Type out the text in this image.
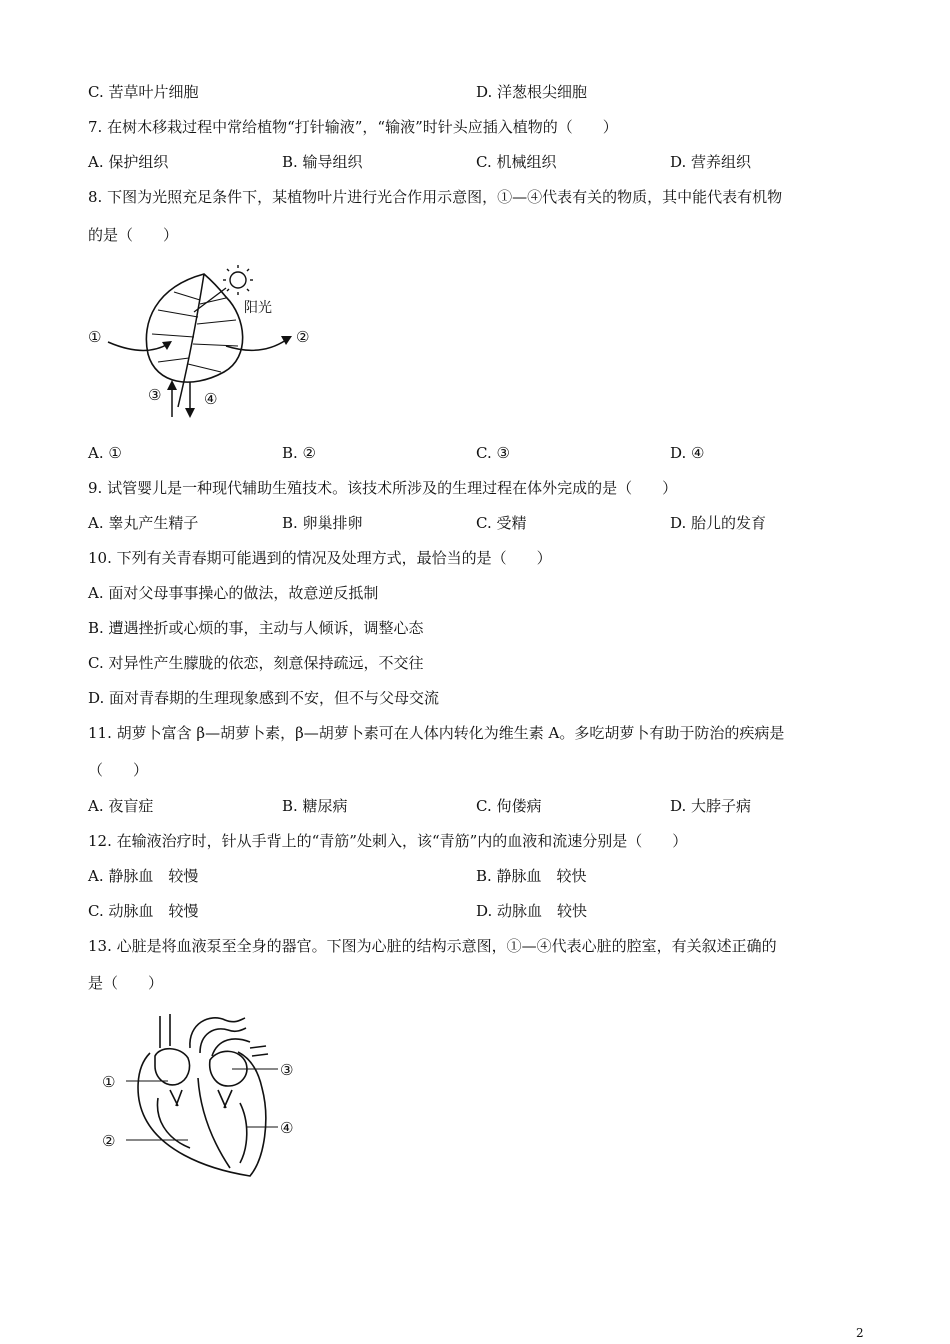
C. 苦草叶片细胞	D. 洋葱根尖细胞
7. 在树木移栽过程中常给植物“打针输液”，“输液”时针头应插入植物的（　　）
A. 保护组织	B. 输导组织	C. 机械组织	D. 营养组织
8. 下图为光照充足条件下，某植物叶片进行光合作用示意图，①—④代表有关的物质，其中能代表有机物
的是（　　）
阳光
①	②
③	④
A. ①	B. ②	C. ③	D. ④
9. 试管婴儿是一种现代辅助生殖技术。该技术所涉及的生理过程在体外完成的是（　　）
A. 睾丸产生精子	B. 卵巢排卵	C. 受精	D. 胎儿的发育
10. 下列有关青春期可能遇到的情况及处理方式，最恰当的是（　　）
A. 面对父母事事操心的做法，故意逆反抵制
B. 遭遇挫折或心烦的事，主动与人倾诉，调整心态
C. 对异性产生朦胧的依恋，刻意保持疏远，不交往
D. 面对青春期的生理现象感到不安，但不与父母交流
11. 胡萝卜富含 β—胡萝卜素，β—胡萝卜素可在人体内转化为维生素 A。多吃胡萝卜有助于防治的疾病是
（　　）
A. 夜盲症	B. 糖尿病	C. 佝偻病	D. 大脖子病
12. 在输液治疗时，针从手背上的“青筋”处刺入，该“青筋”内的血液和流速分别是（　　）
A. 静脉血　较慢	B. 静脉血　较快
C. 动脉血　较慢	D. 动脉血　较快
13. 心脏是将血液泵至全身的器官。下图为心脏的结构示意图，①—④代表心脏的腔室，有关叙述正确的
是（　　）
①
②
③
④
2
